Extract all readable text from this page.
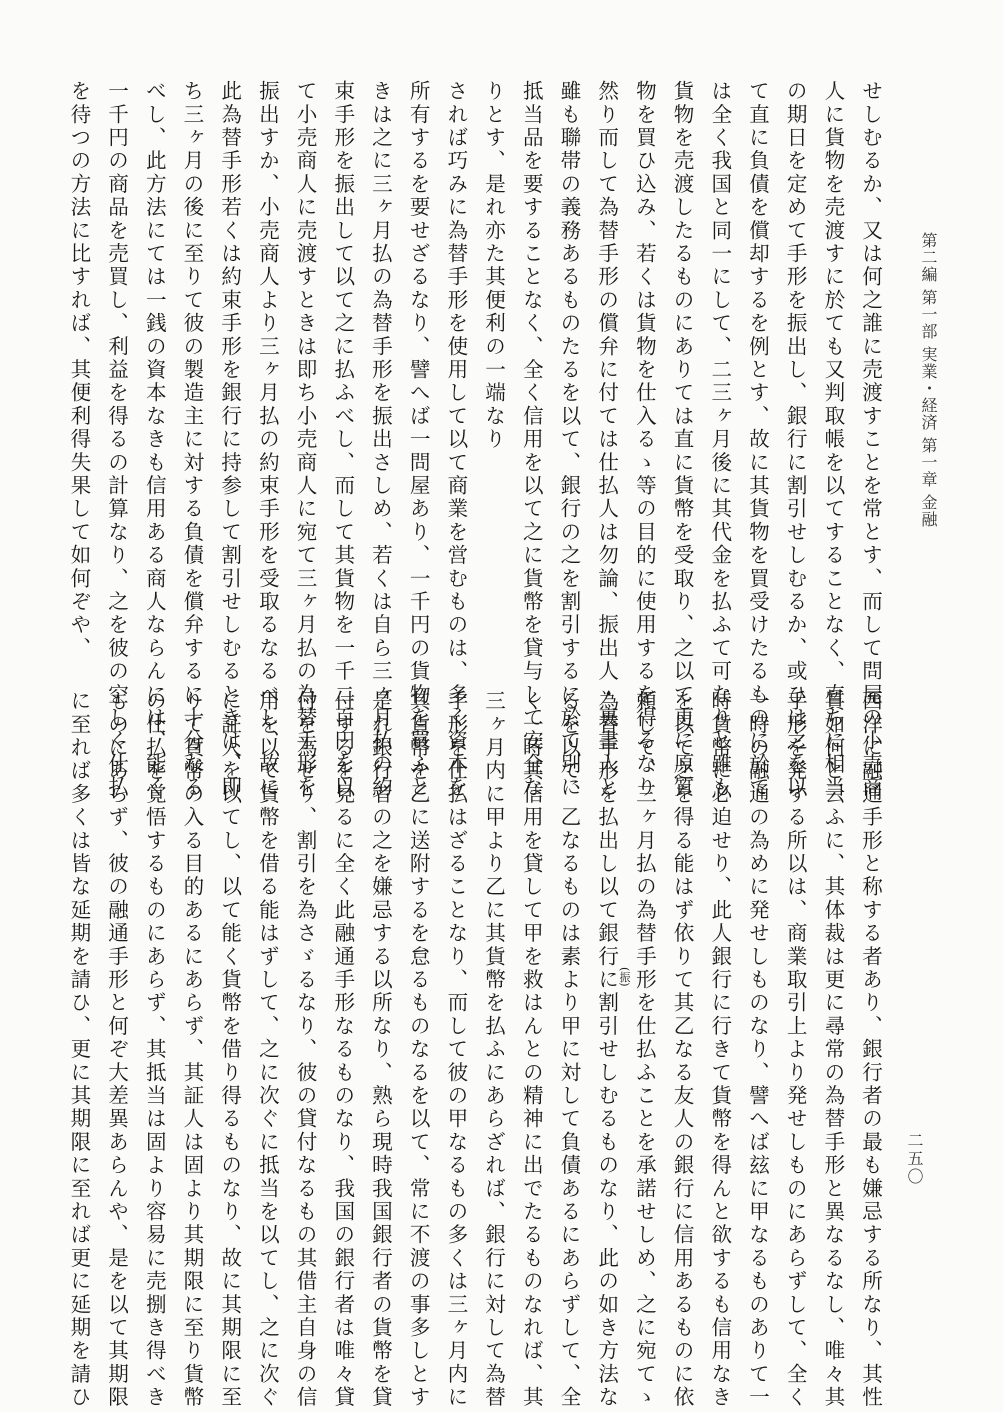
第二編 第一部 実業・経済 第一章 金融
二五〇
せしむるか、又は何之誰に売渡すことを常とす、而して問屋の小売商
人に貨物を売渡すに於ても又判取帳を以てすることなく、直ちに相当
の期日を定めて手形を振出し、銀行に割引せしむるか、或ひは之を以
て直に負債を償却するを例とす、故に其貨物を買受けたるものに於て
は全く我国と同一にして、二三ヶ月後に其代金を払ふて可なりと雖も
貨物を売渡したるものにありては直に貨幣を受取り、之以て更に原質
物を買ひ込み、若くは貨物を仕入るゝ等の目的に使用するを得るなり
然り而して為替手形の償弁に付ては仕払人は勿論、振出人・裏書人と
雖も聯帯の義務あるものたるを以て、銀行の之を割引するに於て別に
抵当品を要することなく、全く信用を以て之に貨幣を貸与して安全な
りとす、是れ亦た其便利の一端なり
されば巧みに為替手形を使用して以て商業を営むものは、多く資本を
所有するを要せざるなり、譬へば一問屋あり、一千円の貨物を買ふと
きは之に三ヶ月払の為替手形を振出さしめ、若くは自ら三ヶ月払の約
束手形を振出して以て之に払ふべし、而して其貨物を一千二百円を以
て小売商人に売渡すときは即ち小売商人に宛て三ヶ月払の為替手形を
振出すか、小売商人より三ヶ月払の約束手形を受取るなるべし、故に
此為替手形若くは約束手形を銀行に持参して割引せしむるときは、即
ち三ヶ月の後に至りて彼の製造主に対する負債を償弁するに十分なる
べし、此方法にては一銭の資本なきも信用ある商人ならんには、能く
一千円の商品を売買し、利益を得るの計算なり、之を彼の空しく仕払
を待つの方法に比すれば、其便利得失果して如何ぞや、
西洋に融通手形と称する者あり、銀行者の最も嫌忌する所なり、其性
質如何と云ふに、其体裁は更に尋常の為替手形と異なるなし、唯々其
手形を発する所以は、商業取引上より発せしものにあらずして、全く
一時の融通の為めに発せしものなり、譬へば玆に甲なるものありて一
時貨幣に必迫せり、此人銀行に行きて貨幣を得んと欲するも信用なき
を以て之を得る能はず依りて其乙なる友人の銀行に信用あるものに依
頼して、三ヶ月払の為替手形を仕払ふことを承諾せしめ、之に宛てゝ
為替手形を払出し以て銀行に割引せしむるものなり、此の如き方法な
るを以て、乙なるものは素より甲に対して負債あるにあらずして、全
く一時其信用を貸して甲を救はんとの精神に出でたるものなれば、其
三ヶ月内に甲より乙に其貨幣を払ふにあらざれば、銀行に対して為替
手形を仕払はざることなり、而して彼の甲なるもの多くは三ヶ月内に
其貨幣を乙に送附するを怠るものなるを以て、常に不渡の事多しとす
是れ銀行者の之を嫌忌する以所なり、熟ら現時我国銀行者の貨幣を貸
付するを見るに全く此融通手形なるものなり、我国の銀行者は唯々貸
付を為せり、割引を為さゞるなり、彼の貸付なるもの其借主自身の信
用を以て貨幣を借る能はずして、之に次ぐに抵当を以てし、之に次ぐ
に証人を以てし、以て能く貨幣を借り得るものなり、故に其期限に至
りて貨幣の入る目的あるにあらず、其証人は固より其期限に至り貨幣
の仕払を覚悟するものにあらず、其抵当は固より容易に売捌き得べき
ものにあらず、彼の融通手形と何ぞ大差異あらんや、是を以て其期限
に至れば多くは皆な延期を請ひ、更に其期限に至れば更に延期を請ひ	(振)
